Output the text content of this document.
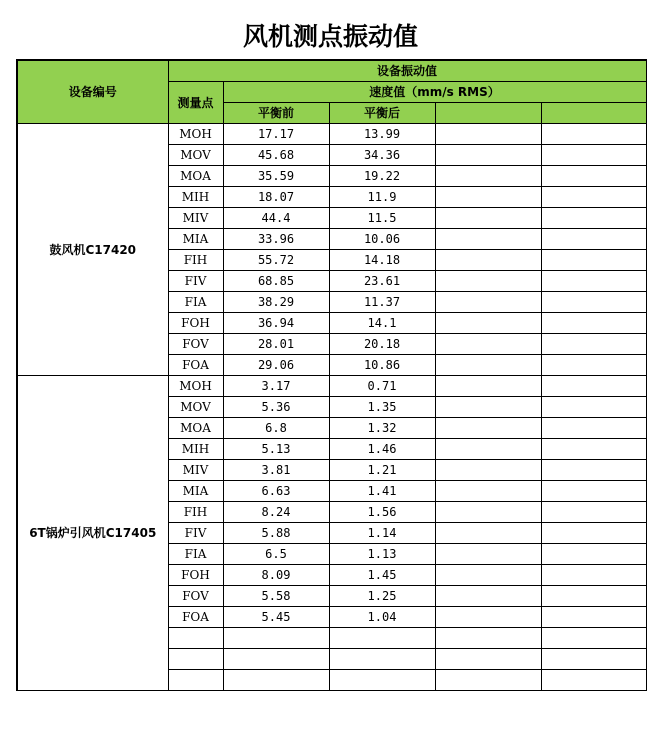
风机测点振动值
设备编号	设备振动值				
	测量点	速度值（mm/s RMS）			
		平衡前	平衡后		
鼓风机C17420	MOH	17.17	13.99		
	MOV	45.68	34.36		
	MOA	35.59	19.22		
	MIH	18.07	11.9		
	MIV	44.4	11.5		
	MIA	33.96	10.06		
	FIH	55.72	14.18		
	FIV	68.85	23.61		
	FIA	38.29	11.37		
	FOH	36.94	14.1		
	FOV	28.01	20.18		
	FOA	29.06	10.86		
6T锅炉引风机C17405	MOH	3.17	0.71		
	MOV	5.36	1.35		
	MOA	6.8	1.32		
	MIH	5.13	1.46		
	MIV	3.81	1.21		
	MIA	6.63	1.41		
	FIH	8.24	1.56		
	FIV	5.88	1.14		
	FIA	6.5	1.13		
	FOH	8.09	1.45		
	FOV	5.58	1.25		
	FOA	5.45	1.04		
